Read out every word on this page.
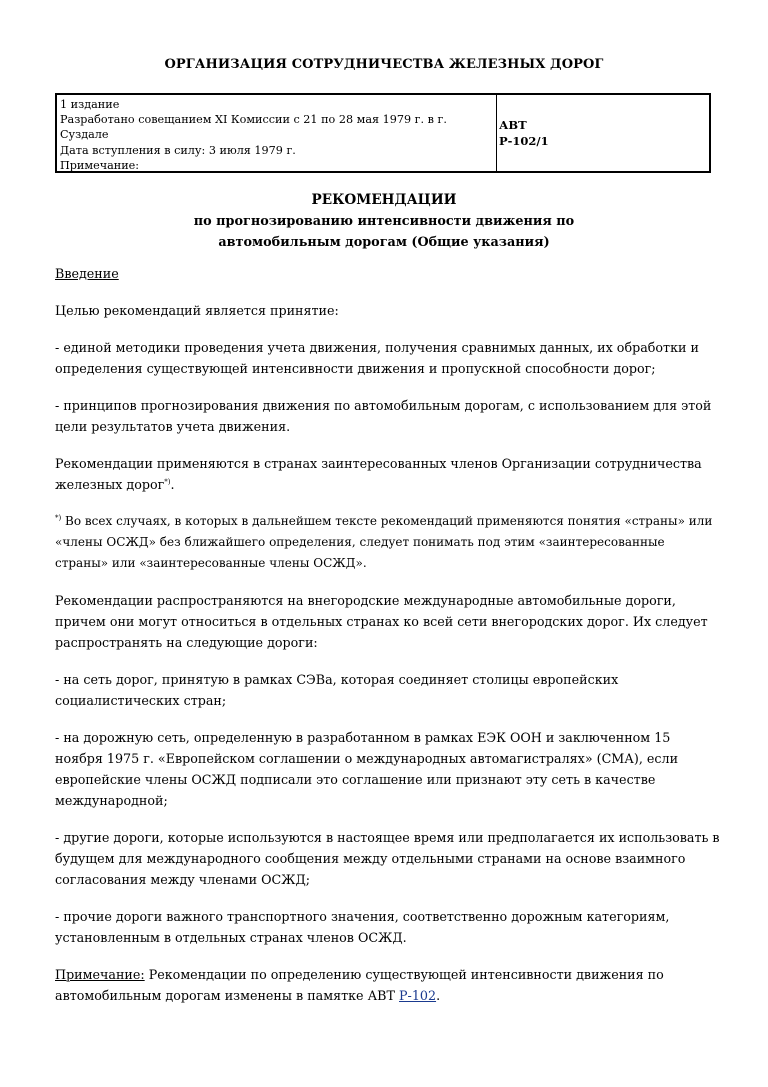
ОРГАНИЗАЦИЯ СОТРУДНИЧЕСТВА ЖЕЛЕЗНЫХ ДОРОГ
1 издание
Разработано совещанием XI Комиссии с 21 по 28 мая 1979 г. в г.
Суздале
Дата вступления в силу: 3 июля 1979 г.
Примечание:
АВТ
Р-102/1
РЕКОМЕНДАЦИИ
по прогнозированию интенсивности движения по
автомобильным дорогам (Общие указания)

Введение

Целью рекомендаций является принятие:

- единой методики проведения учета движения, получения сравнимых данных, их обработки и определения существующей интенсивности движения и пропускной способности дорог;

- принципов прогнозирования движения по автомобильным дорогам, с использованием для этой цели результатов учета движения.

Рекомендации применяются в странах заинтересованных членов Организации сотрудничества железных дорог*).

*) Во всех случаях, в которых в дальнейшем тексте рекомендаций применяются понятия «страны» или «члены ОСЖД» без ближайшего определения, следует понимать под этим «заинтересованные страны» или «заинтересованные члены ОСЖД».

Рекомендации распространяются на внегородские международные автомобильные дороги, причем они могут относиться в отдельных странах ко всей сети внегородских дорог. Их следует распространять на следующие дороги:

- на сеть дорог, принятую в рамках СЭВа, которая соединяет столицы европейских социалистических стран;

- на дорожную сеть, определенную в разработанном в рамках ЕЭК ООН и заключенном 15 ноября 1975 г. «Европейском соглашении о международных автомагистралях» (СМА), если европейские члены ОСЖД подписали это соглашение или признают эту сеть в качестве международной;

- другие дороги, которые используются в настоящее время или предполагается их использовать в будущем для международного сообщения между отдельными странами на основе взаимного согласования между членами ОСЖД;

- прочие дороги важного транспортного значения, соответственно дорожным категориям, установленным в отдельных странах членов ОСЖД.

Примечание: Рекомендации по определению существующей интенсивности движения по автомобильным дорогам изменены в памятке АВТ Р-102.
